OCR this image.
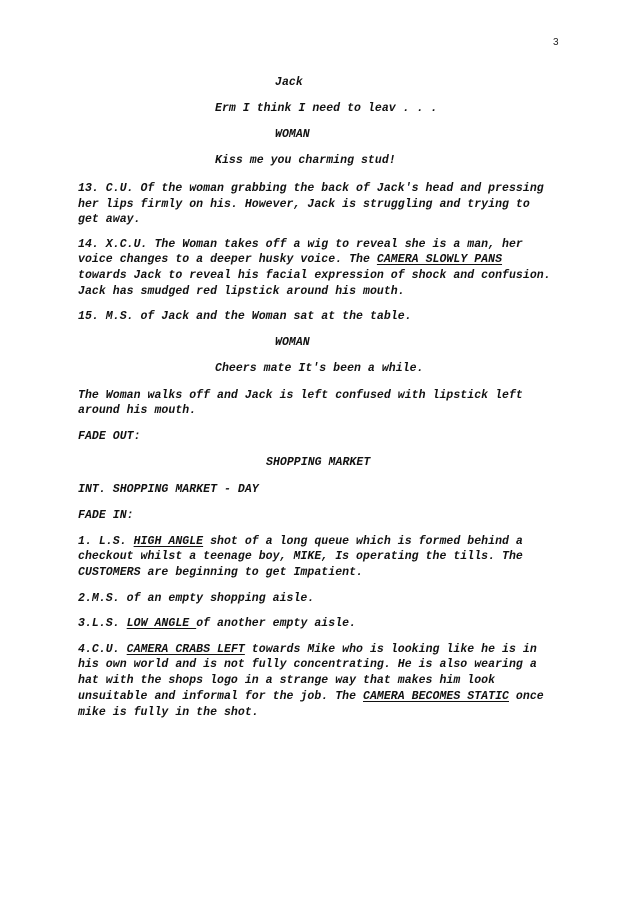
3
Jack
Erm I think I need to leav . . .
WOMAN
Kiss me you charming stud!
13. C.U. Of the woman grabbing the back of Jack's head and pressing
her lips firmly on his. However, Jack is struggling and trying to
get away.
14. X.C.U. The Woman takes off a wig to reveal she is a man, her
voice changes to a deeper husky voice. The CAMERA SLOWLY PANS
towards Jack to reveal his facial expression of shock and confusion.
Jack has smudged red lipstick around his mouth.
15. M.S. of Jack and the Woman sat at the table.
WOMAN
Cheers mate It's been a while.
The Woman walks off and Jack is left confused with lipstick left
around his mouth.
FADE OUT:
SHOPPING MARKET
INT. SHOPPING MARKET - DAY
FADE IN:
1. L.S. HIGH ANGLE shot of a long queue which is formed behind a
checkout whilst a teenage boy, MIKE, Is operating the tills. The
CUSTOMERS are beginning to get Impatient.
2.M.S. of an empty shopping aisle.
3.L.S. LOW ANGLE of another empty aisle.
4.C.U. CAMERA CRABS LEFT towards Mike who is looking like he is in
his own world and is not fully concentrating. He is also wearing a
hat with the shops logo in a strange way that makes him look
unsuitable and informal for the job. The CAMERA BECOMES STATIC once
mike is fully in the shot.
